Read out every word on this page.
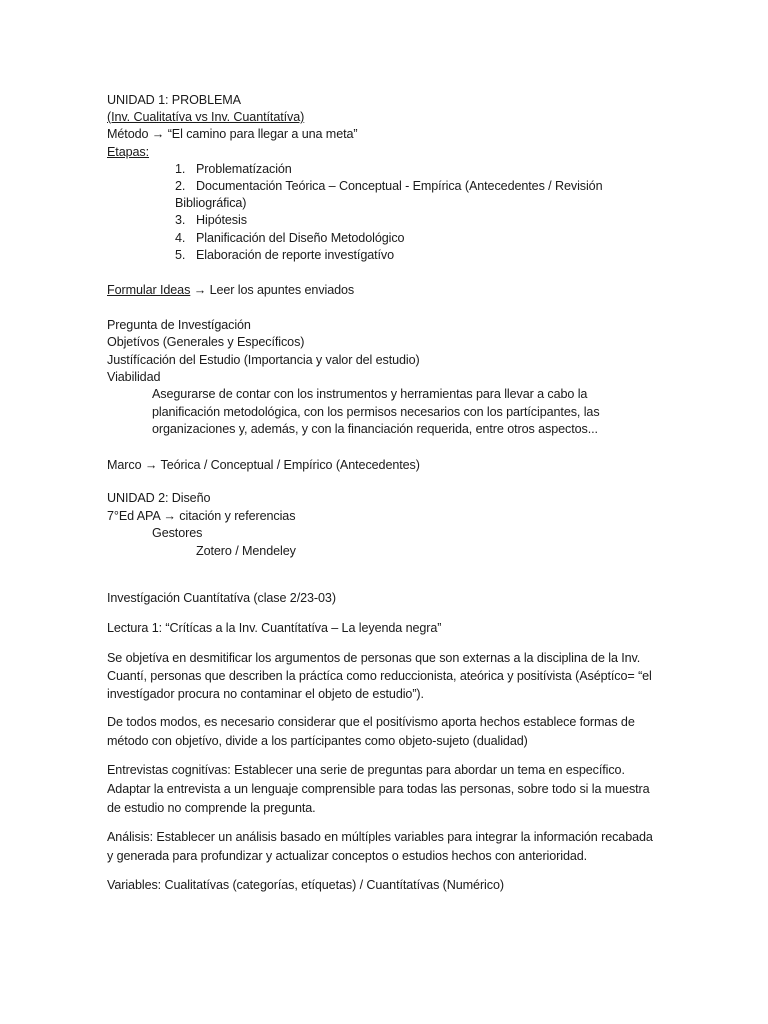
UNIDAD 1: PROBLEMA
(Inv. Cualitatíva vs Inv. Cuantítatíva)
Método → “El camino para llegar a una meta”
Etapas:
1. Problematízación
2. Documentación Teórica – Conceptual - Empírica (Antecedentes / Revisión
Bibliográfica)
3. Hipótesis
4. Planificación del Diseño Metodológico
5. Elaboración de reporte investígatívo
Formular Ideas → Leer los apuntes enviados
Pregunta de Investígación
Objetívos (Generales y Específicos)
Justífícación del Estudio (Importancia y valor del estudio)
Viabilidad
Asegurarse de contar con los instrumentos y herramientas para llevar a cabo la
planificación metodológica, con los permisos necesarios con los partícipantes, las
organizaciones y, además, y con la financiación requerida, entre otros aspectos...
Marco → Teórica / Conceptual / Empírico (Antecedentes)
UNIDAD 2: Diseño
7°Ed APA → citación y referencias
Gestores
Zotero / Mendeley
Investígación Cuantítatíva (clase 2/23-03)
Lectura 1: “Crítícas a la Inv. Cuantítatíva – La leyenda negra”
Se objetíva en desmitificar los argumentos de personas que son externas a la disciplina de la Inv.
Cuantí, personas que describen la práctíca como reduccionista, ateórica y positívista (Aséptíco= “el
investígador procura no contaminar el objeto de estudio”).
De todos modos, es necesario considerar que el positívismo aporta hechos establece formas de
método con objetívo, divide a los partícipantes como objeto-sujeto (dualidad)
Entrevistas cognitívas: Establecer una serie de preguntas para abordar un tema en específico.
Adaptar la entrevista a un lenguaje comprensible para todas las personas, sobre todo si la muestra
de estudio no comprende la pregunta.
Análisis: Establecer un análisis basado en múltíples variables para integrar la información recabada
y generada para profundizar y actualizar conceptos o estudios hechos con anterioridad.
Variables: Cualitatívas (categorías, etíquetas) / Cuantítatívas (Numérico)
